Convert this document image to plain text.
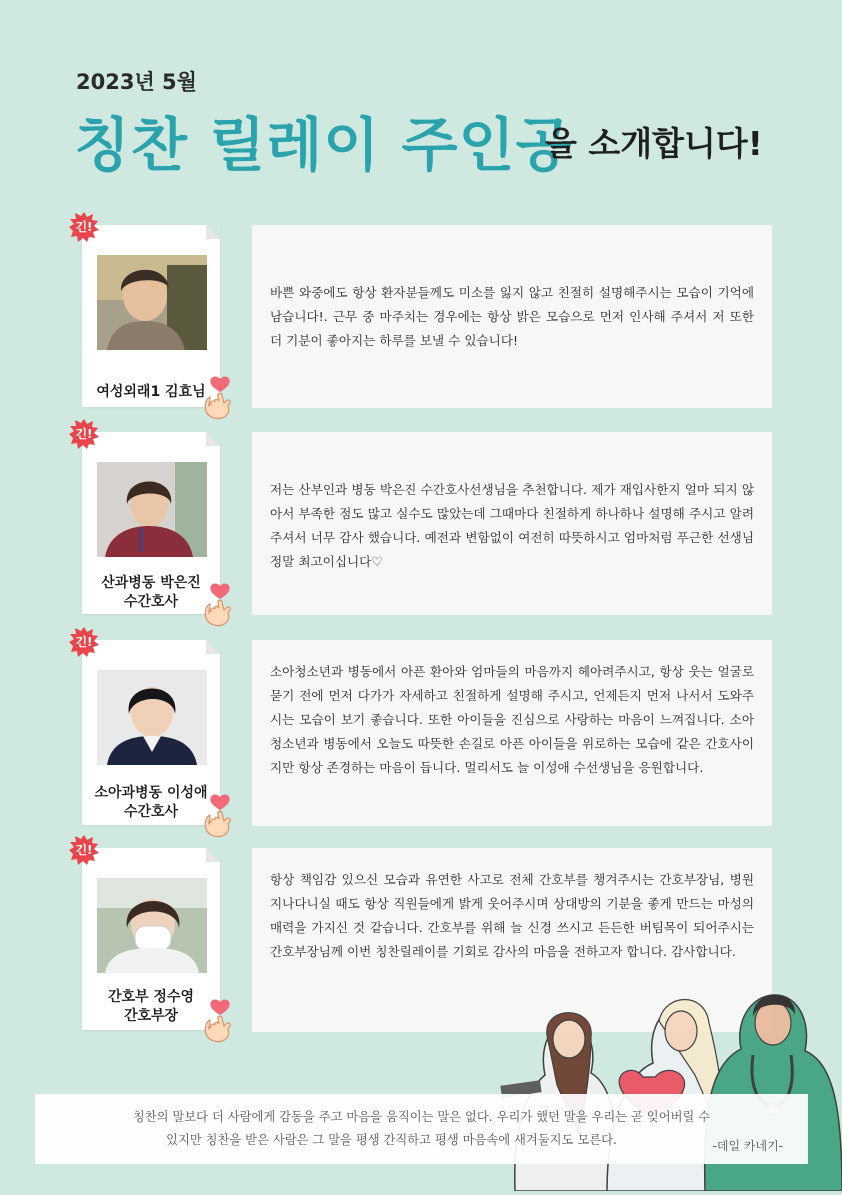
2023년 5월
칭찬 릴레이 주인공
을 소개합니다!
긴!
여성외래1 김효님

바쁜 와중에도 항상 환자분들께도 미소를 잃지 않고 친절히 설명해주시는 모습이 기억에 남습니다!. 근무 중 마주치는 경우에는 항상 밝은 모습으로 먼저 인사해 주셔서 저 또한 더 기분이 좋아지는 하루를 보낼 수 있습니다!

긴!
산과병동 박은진
수간호사

저는 산부인과 병동 박은진 수간호사선생님을 추천합니다. 제가 재입사한지 얼마 되지 않아서 부족한 점도 많고 실수도 많았는데 그때마다 친절하게 하나하나 설명해 주시고 알려주셔서 너무 감사 했습니다. 예전과 변함없이 여전히 따뜻하시고 엄마처럼 푸근한 선생님 정말 최고이십니다♡

긴!
소아과병동 이성애
수간호사

소아청소년과 병동에서 아픈 환아와 엄마들의 마음까지 헤아려주시고, 항상 웃는 얼굴로 묻기 전에 먼저 다가가 자세하고 친절하게 설명해 주시고, 언제든지 먼저 나서서 도와주시는 모습이 보기 좋습니다. 또한 아이들을 진심으로 사랑하는 마음이 느껴집니다. 소아청소년과 병동에서 오늘도 따뜻한 손길로 아픈 아이들을 위로하는 모습에 같은 간호사이지만 항상 존경하는 마음이 듭니다. 멀리서도 늘 이성애 수선생님을 응원합니다.

긴!
간호부 정수영
간호부장

항상 책임감 있으신 모습과 유연한 사고로 전체 간호부를 챙겨주시는 간호부장님, 병원 지나다니실 때도 항상 직원들에게 밝게 웃어주시며 상대방의 기분을 좋게 만드는 마성의 매력을 가지신 것 같습니다. 간호부를 위해 늘 신경 쓰시고 든든한 버팀목이 되어주시는 간호부장님께 이번 칭찬릴레이를 기회로 감사의 마음을 전하고자 합니다. 감사합니다.

칭찬의 말보다 더 사람에게 감동을 주고 마음을 움직이는 말은 없다. 우리가 했던 말을 우리는 곧 잊어버릴 수
있지만 칭찬을 받은 사람은 그 말을 평생 간직하고 평생 마음속에 새겨둘지도 모른다.	-데일 카네기-
